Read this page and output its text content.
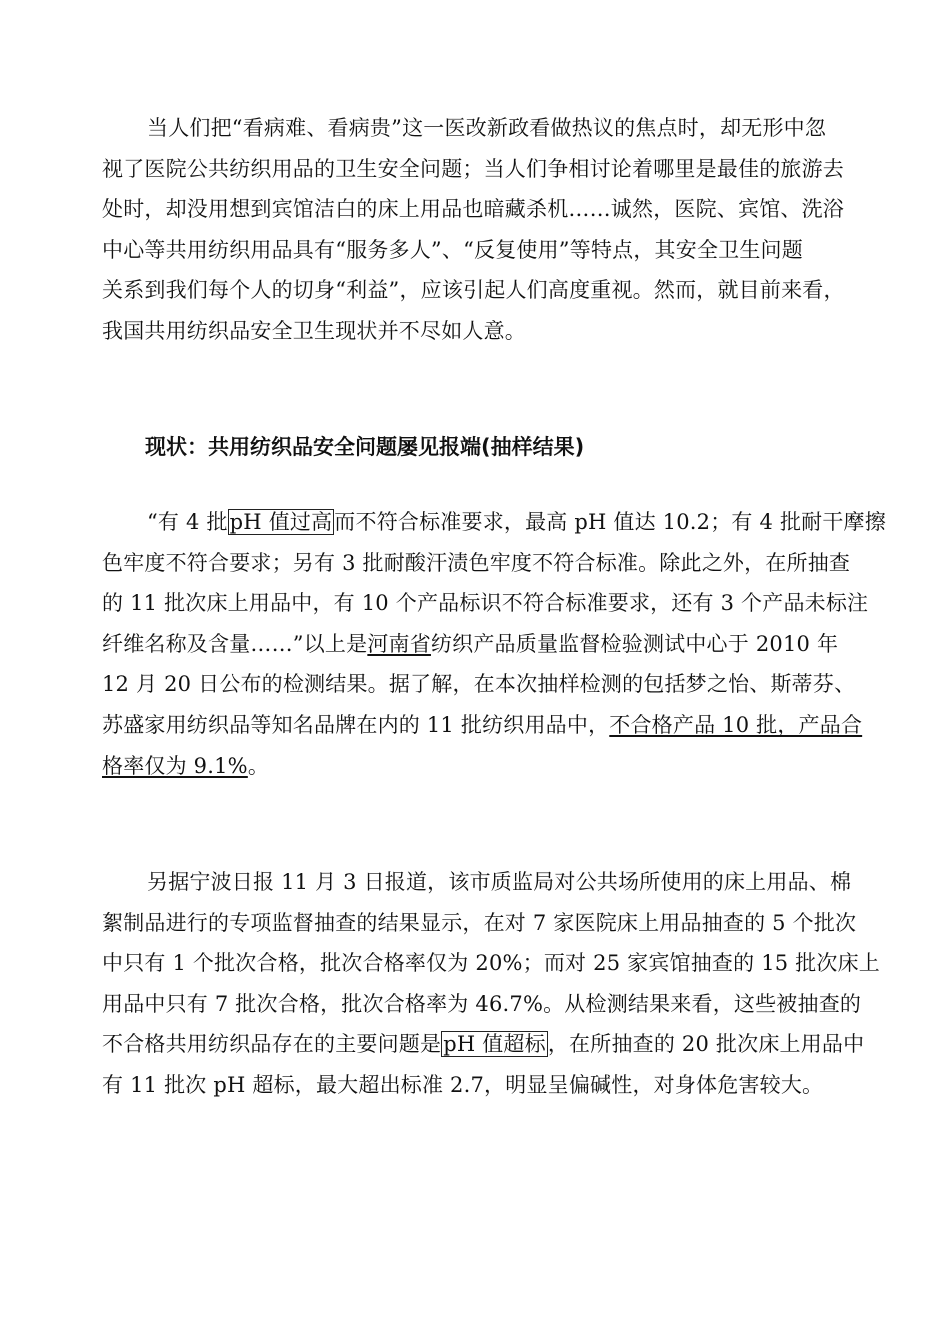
当人们把“看病难、看病贵”这一医改新政看做热议的焦点时，却无形中忽
视了医院公共纺织用品的卫生安全问题；当人们争相讨论着哪里是最佳的旅游去
处时，却没用想到宾馆洁白的床上用品也暗藏杀机……诚然，医院、宾馆、洗浴
中心等共用纺织用品具有“服务多人”、“反复使用”等特点，其安全卫生问题
关系到我们每个人的切身“利益”，应该引起人们高度重视。然而，就目前来看，
我国共用纺织品安全卫生现状并不尽如人意。

现状：共用纺织品安全问题屡见报端(抽样结果)

“有 4 批pH 值过高而不符合标准要求，最高 pH 值达 10.2；有 4 批耐干摩擦
色牢度不符合要求；另有 3 批耐酸汗渍色牢度不符合标准。除此之外，在所抽查
的 11 批次床上用品中，有 10 个产品标识不符合标准要求，还有 3 个产品未标注
纤维名称及含量……”以上是河南省纺织产品质量监督检验测试中心于 2010 年
12 月 20 日公布的检测结果。据了解，在本次抽样检测的包括梦之怡、斯蒂芬、
苏盛家用纺织品等知名品牌在内的 11 批纺织用品中，不合格产品 10 批，产品合
格率仅为 9.1%。

另据宁波日报 11 月 3 日报道，该市质监局对公共场所使用的床上用品、棉
絮制品进行的专项监督抽查的结果显示，在对 7 家医院床上用品抽查的 5 个批次
中只有 1 个批次合格，批次合格率仅为 20%；而对 25 家宾馆抽查的 15 批次床上
用品中只有 7 批次合格，批次合格率为 46.7%。从检测结果来看，这些被抽查的
不合格共用纺织品存在的主要问题是pH 值超标，在所抽查的 20 批次床上用品中
有 11 批次 pH 超标，最大超出标准 2.7，明显呈偏碱性，对身体危害较大。
